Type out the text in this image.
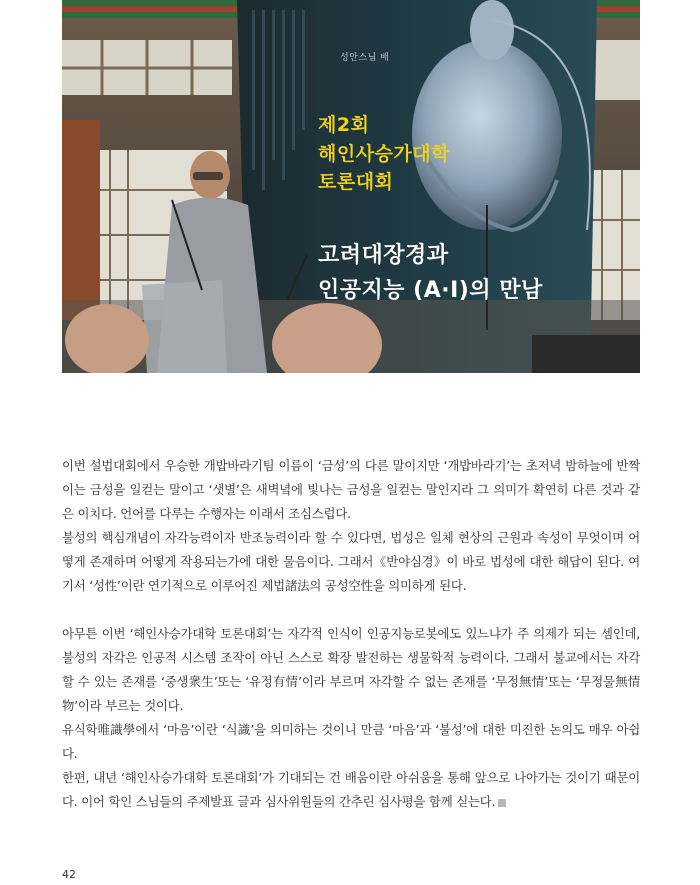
성안스님 배
제2회
해인사승가대학
토론대회
고려대장경과
인공지능 (A·I)의 만남

이번 설법대회에서 우승한 개밥바라기팀 이름이 ‘금성’의 다른 말이지만 ‘개밥바라기’는 초저녁 밤하늘에 반짝이는 금성을 일컫는 말이고 ‘샛별’은 새벽녘에 빛나는 금성을 일컫는 말인지라 그 의미가 확연히 다른 것과 같은 이치다. 언어를 다루는 수행자는 이래서 조심스럽다.

불성의 핵심개념이 자각능력이자 반조능력이라 할 수 있다면, 법성은 일체 현상의 근원과 속성이 무엇이며 어떻게 존재하며 어떻게 작용되는가에 대한 물음이다. 그래서《반야심경》이 바로 법성에 대한 해답이 된다. 여기서 ‘성性’이란 연기적으로 이루어진 제법諸法의 공성空性을 의미하게 된다.

아무튼 이번 ‘해인사승가대학 토론대회’는 자각적 인식이 인공지능로봇에도 있느냐가 주 의제가 되는 셈인데, 불성의 자각은 인공적 시스템 조작이 아닌 스스로 확장 발전하는 생물학적 능력이다. 그래서 불교에서는 자각할 수 있는 존재를 ‘중생衆生’또는 ‘유정有情’이라 부르며 자각할 수 없는 존재를 ‘무정無情’또는 ‘무정물無情物’이라 부르는 것이다.

유식학唯識學에서 ‘마음’이란 ‘식識’을 의미하는 것이니 만큼 ‘마음’과 ‘불성’에 대한 미진한 논의도 매우 아쉽다.

한편, 내년 ‘해인사승가대학 토론대회’가 기대되는 건 배움이란 아쉬움을 통해 앞으로 나아가는 것이기 때문이다. 이어 학인 스님들의 주제발표 글과 심사위원들의 간추린 심사평을 함께 싣는다.

42
